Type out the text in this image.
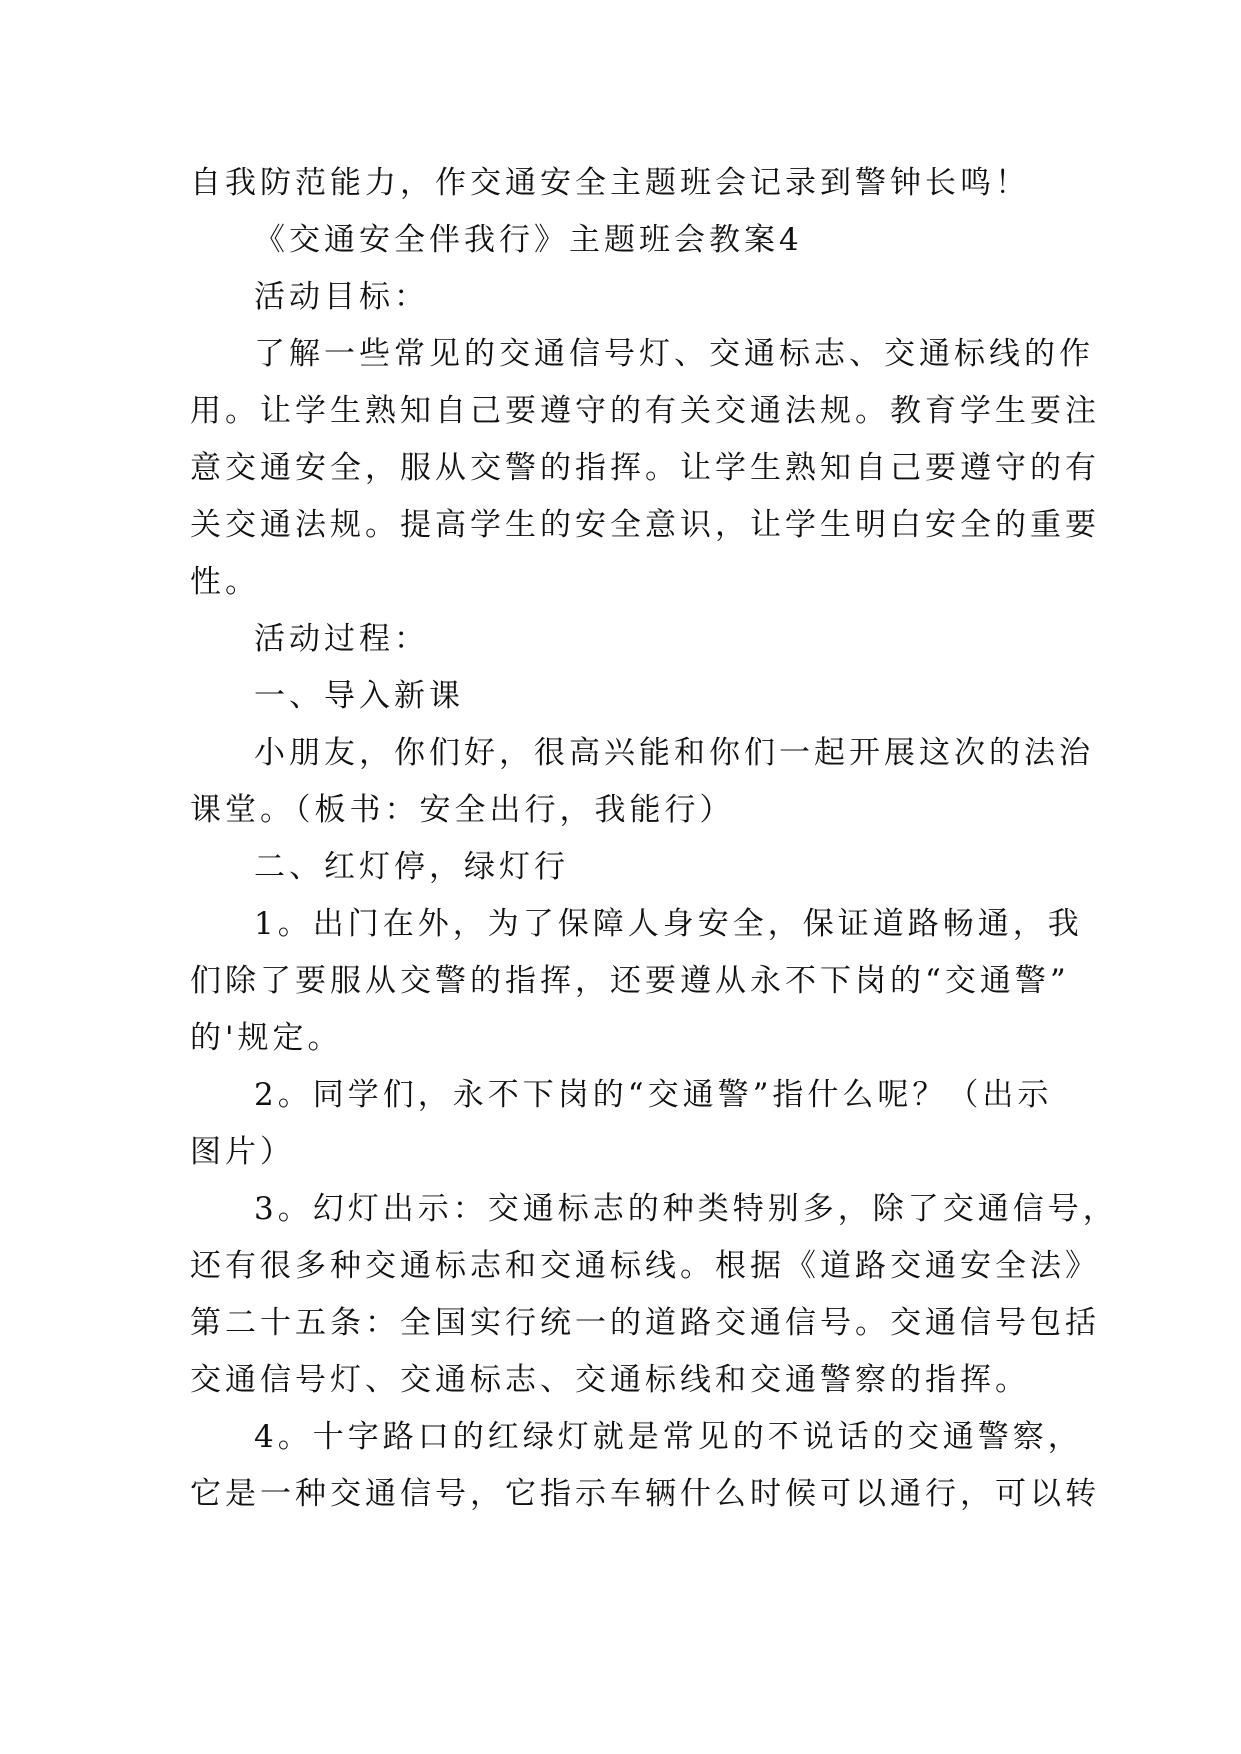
自我防范能力，作交通安全主题班会记录到警钟长鸣！
《交通安全伴我行》主题班会教案4
活动目标：
了解一些常见的交通信号灯、交通标志、交通标线的作
用。让学生熟知自己要遵守的有关交通法规。教育学生要注
意交通安全，服从交警的指挥。让学生熟知自己要遵守的有
关交通法规。提高学生的安全意识，让学生明白安全的重要
性。
活动过程：
一、导入新课
小朋友，你们好，很高兴能和你们一起开展这次的法治
课堂。（板书：安全出行，我能行）
二、红灯停，绿灯行
1。出门在外，为了保障人身安全，保证道路畅通，我
们除了要服从交警的指挥，还要遵从永不下岗的“交通警”
的'规定。
2。同学们，永不下岗的“交通警”指什么呢？（出示
图片）
3。幻灯出示：交通标志的种类特别多，除了交通信号，
还有很多种交通标志和交通标线。根据《道路交通安全法》
第二十五条：全国实行统一的道路交通信号。交通信号包括
交通信号灯、交通标志、交通标线和交通警察的指挥。
4。十字路口的红绿灯就是常见的不说话的交通警察，
它是一种交通信号，它指示车辆什么时候可以通行，可以转
